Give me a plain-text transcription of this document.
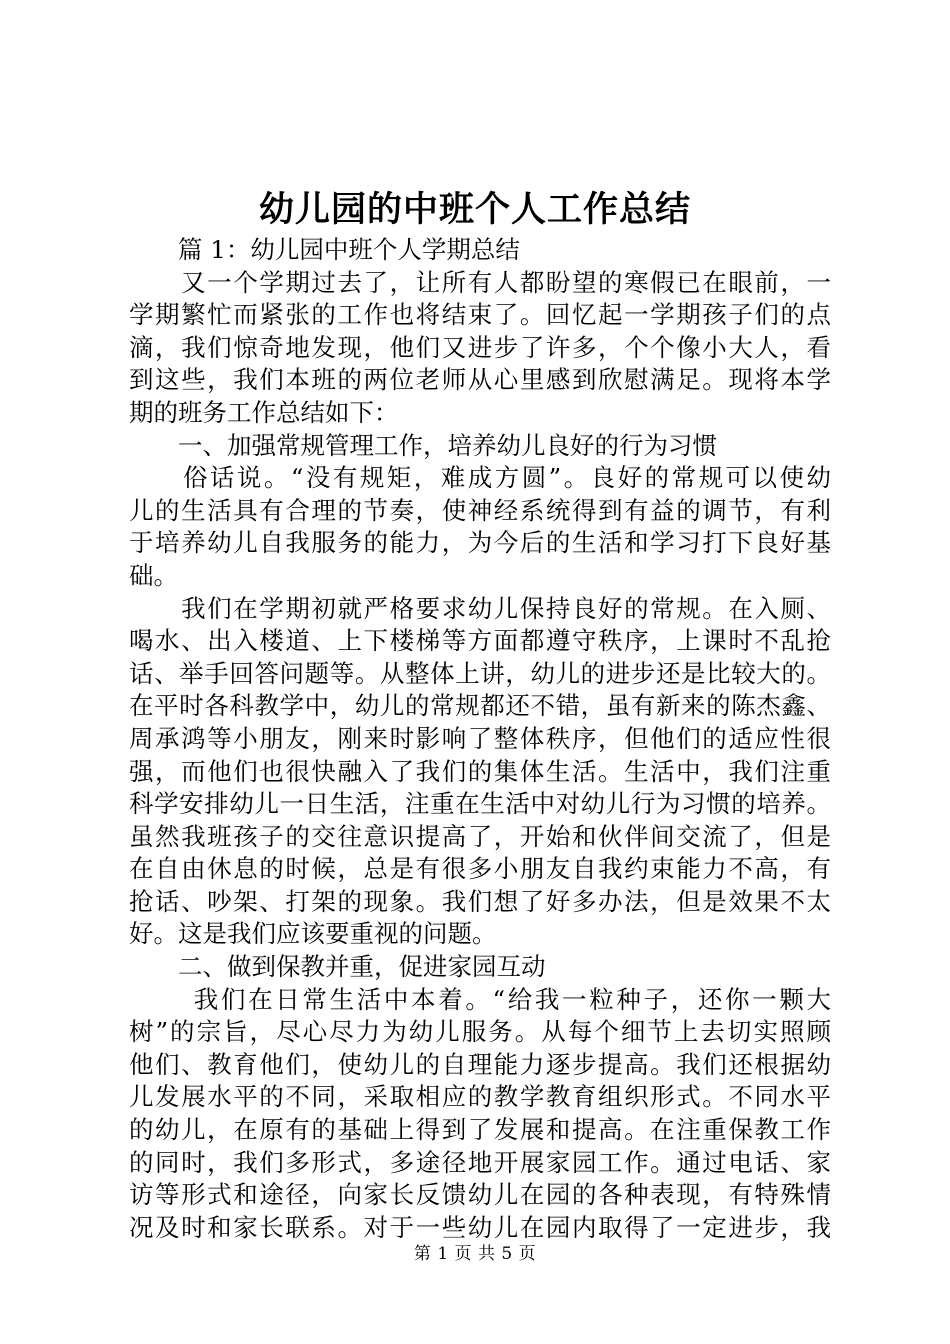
幼儿园的中班个人工作总结
　　篇 1：幼儿园中班个人学期总结
　　又一个学期过去了，让所有人都盼望的寒假已在眼前，一
学期繁忙而紧张的工作也将结束了。回忆起一学期孩子们的点
滴，我们惊奇地发现，他们又进步了许多，个个像小大人，看
到这些，我们本班的两位老师从心里感到欣慰满足。现将本学
期的班务工作总结如下：
　　一、加强常规管理工作，培养幼儿良好的行为习惯
　　俗话说。“没有规矩，难成方圆”。良好的常规可以使幼
儿的生活具有合理的节奏，使神经系统得到有益的调节，有利
于培养幼儿自我服务的能力，为今后的生活和学习打下良好基
础。
　　我们在学期初就严格要求幼儿保持良好的常规。在入厕、
喝水、出入楼道、上下楼梯等方面都遵守秩序，上课时不乱抢
话、举手回答问题等。从整体上讲，幼儿的进步还是比较大的。
在平时各科教学中，幼儿的常规都还不错，虽有新来的陈杰鑫、
周承鸿等小朋友，刚来时影响了整体秩序，但他们的适应性很
强，而他们也很快融入了我们的集体生活。生活中，我们注重
科学安排幼儿一日生活，注重在生活中对幼儿行为习惯的培养。
虽然我班孩子的交往意识提高了，开始和伙伴间交流了，但是
在自由休息的时候，总是有很多小朋友自我约束能力不高，有
抢话、吵架、打架的现象。我们想了好多办法，但是效果不太
好。这是我们应该要重视的问题。
　　二、做到保教并重，促进家园互动
　　 我们在日常生活中本着。“给我一粒种子，还你一颗大
树”的宗旨，尽心尽力为幼儿服务。从每个细节上去切实照顾
他们、教育他们，使幼儿的自理能力逐步提高。我们还根据幼
儿发展水平的不同，采取相应的教学教育组织形式。不同水平
的幼儿，在原有的基础上得到了发展和提高。在注重保教工作
的同时，我们多形式，多途径地开展家园工作。通过电话、家
访等形式和途径，向家长反馈幼儿在园的各种表现，有特殊情
况及时和家长联系。对于一些幼儿在园内取得了一定进步，我
第 1 页 共 5 页
